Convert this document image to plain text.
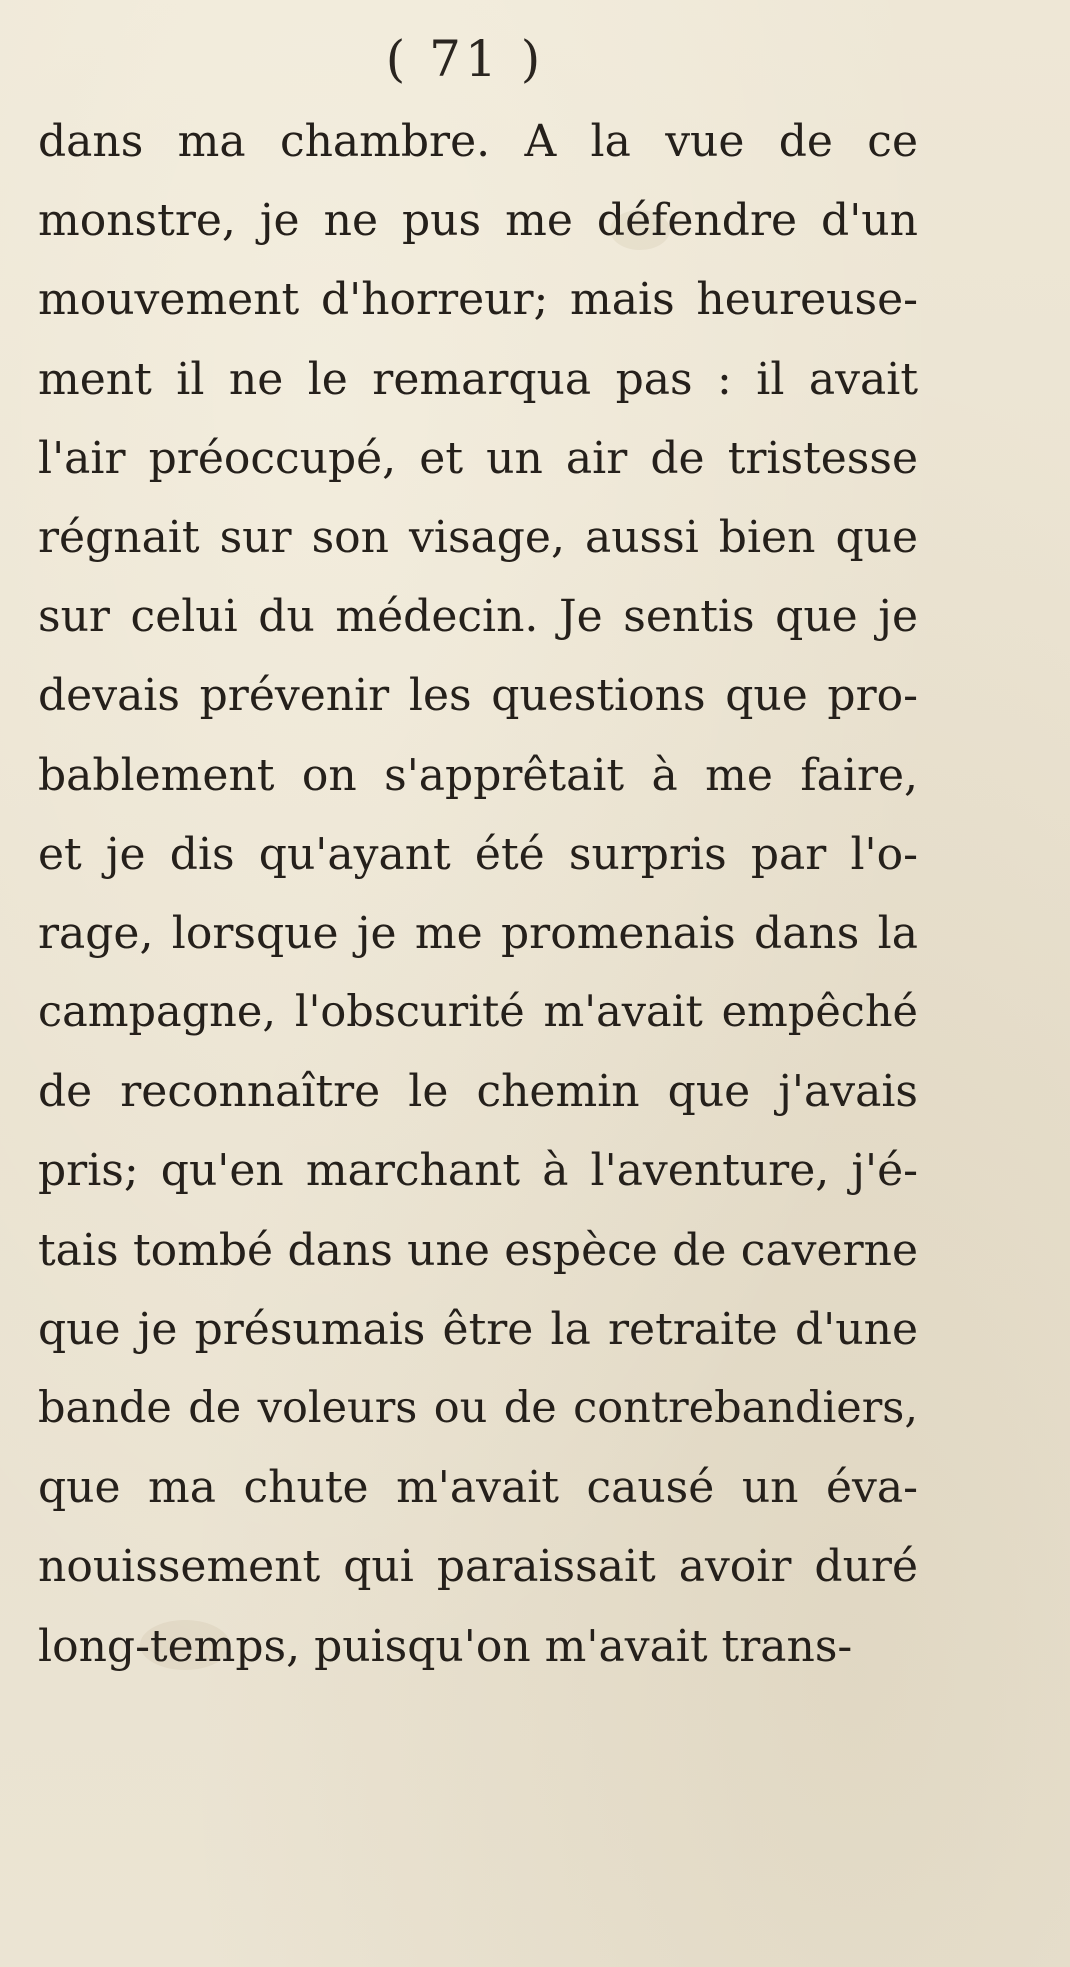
( 71 )
dans ma chambre. A la vue de ce
monstre, je ne pus me défendre d'un
mouvement d'horreur; mais heureuse-
ment il ne le remarqua pas : il avait
l'air préoccupé, et un air de tristesse
régnait sur son visage, aussi bien que
sur celui du médecin. Je sentis que je
devais prévenir les questions que pro-
bablement on s'apprêtait à me faire,
et je dis qu'ayant été surpris par l'o-
rage, lorsque je me promenais dans la
campagne, l'obscurité m'avait empêché
de reconnaître le chemin que j'avais
pris; qu'en marchant à l'aventure, j'é-
tais tombé dans une espèce de caverne
que je présumais être la retraite d'une
bande de voleurs ou de contrebandiers,
que ma chute m'avait causé un éva-
nouissement qui paraissait avoir duré
long-temps, puisqu'on m'avait trans-
